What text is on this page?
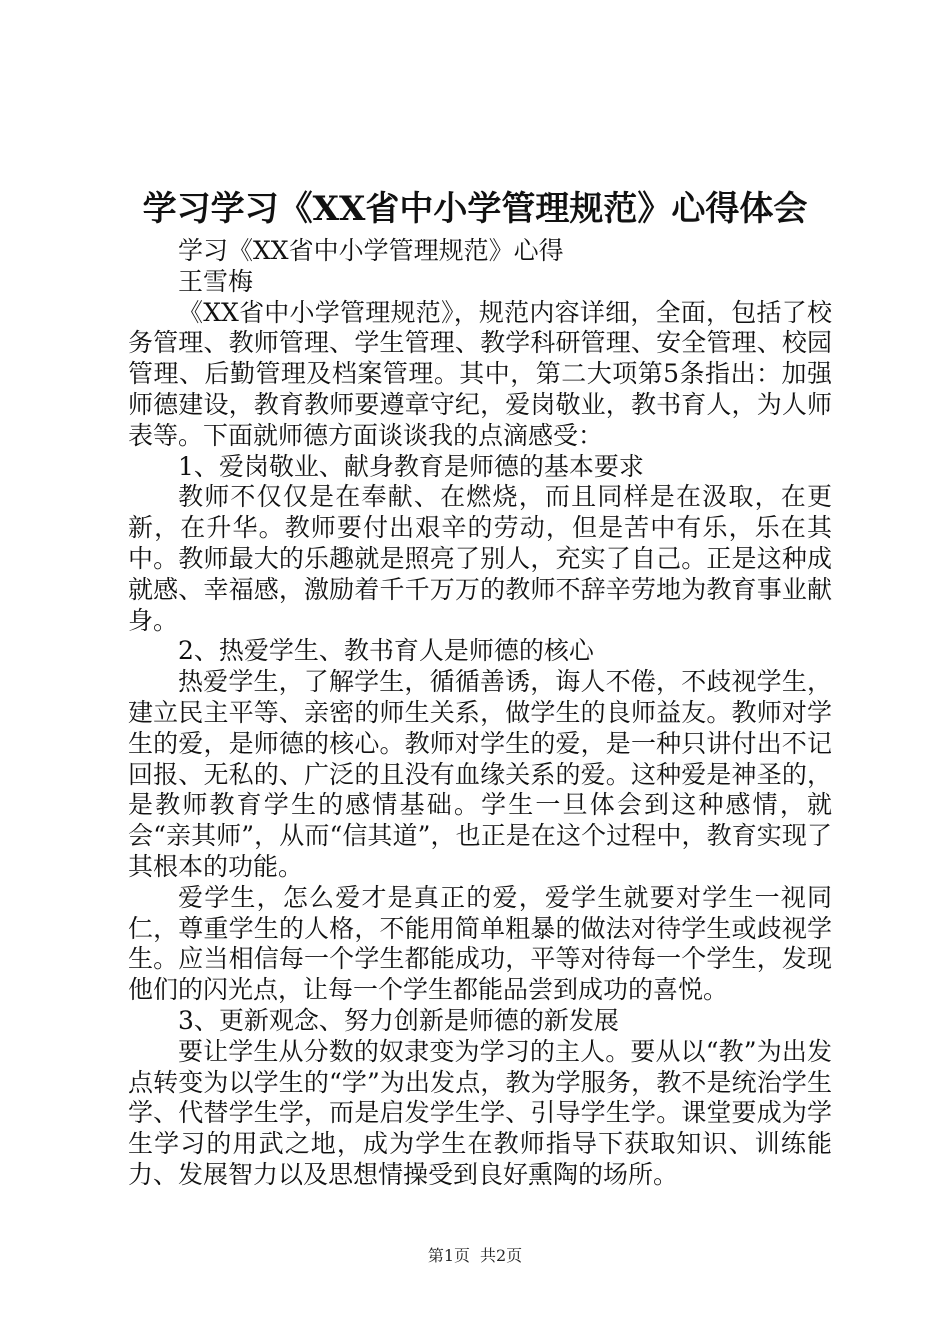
学习学习《XX省中小学管理规范》心得体会

学习《XX省中小学管理规范》心得

王雪梅

《XX省中小学管理规范》，规范内容详细，全面，包括了校务管理、教师管理、学生管理、教学科研管理、安全管理、校园管理、后勤管理及档案管理。其中，第二大项第5条指出：加强师德建设，教育教师要遵章守纪，爱岗敬业，教书育人，为人师表等。下面就师德方面谈谈我的点滴感受：

1、爱岗敬业、献身教育是师德的基本要求

教师不仅仅是在奉献、在燃烧，而且同样是在汲取，在更新，在升华。教师要付出艰辛的劳动，但是苦中有乐，乐在其中。教师最大的乐趣就是照亮了别人，充实了自己。正是这种成就感、幸福感，激励着千千万万的教师不辞辛劳地为教育事业献身。

2、热爱学生、教书育人是师德的核心

热爱学生，了解学生，循循善诱，诲人不倦，不歧视学生，建立民主平等、亲密的师生关系，做学生的良师益友。教师对学生的爱，是师德的核心。教师对学生的爱，是一种只讲付出不记回报、无私的、广泛的且没有血缘关系的爱。这种爱是神圣的，是教师教育学生的感情基础。学生一旦体会到这种感情，就会“亲其师”，从而“信其道”，也正是在这个过程中，教育实现了其根本的功能。

爱学生，怎么爱才是真正的爱，爱学生就要对学生一视同仁，尊重学生的人格，不能用简单粗暴的做法对待学生或歧视学生。应当相信每一个学生都能成功，平等对待每一个学生，发现他们的闪光点，让每一个学生都能品尝到成功的喜悦。

3、更新观念、努力创新是师德的新发展

要让学生从分数的奴隶变为学习的主人。要从以“教”为出发点转变为以学生的“学”为出发点，教为学服务，教不是统治学生学、代替学生学，而是启发学生学、引导学生学。课堂要成为学生学习的用武之地，成为学生在教师指导下获取知识、训练能力、发展智力以及思想情操受到良好熏陶的场所。

第1页 共2页
